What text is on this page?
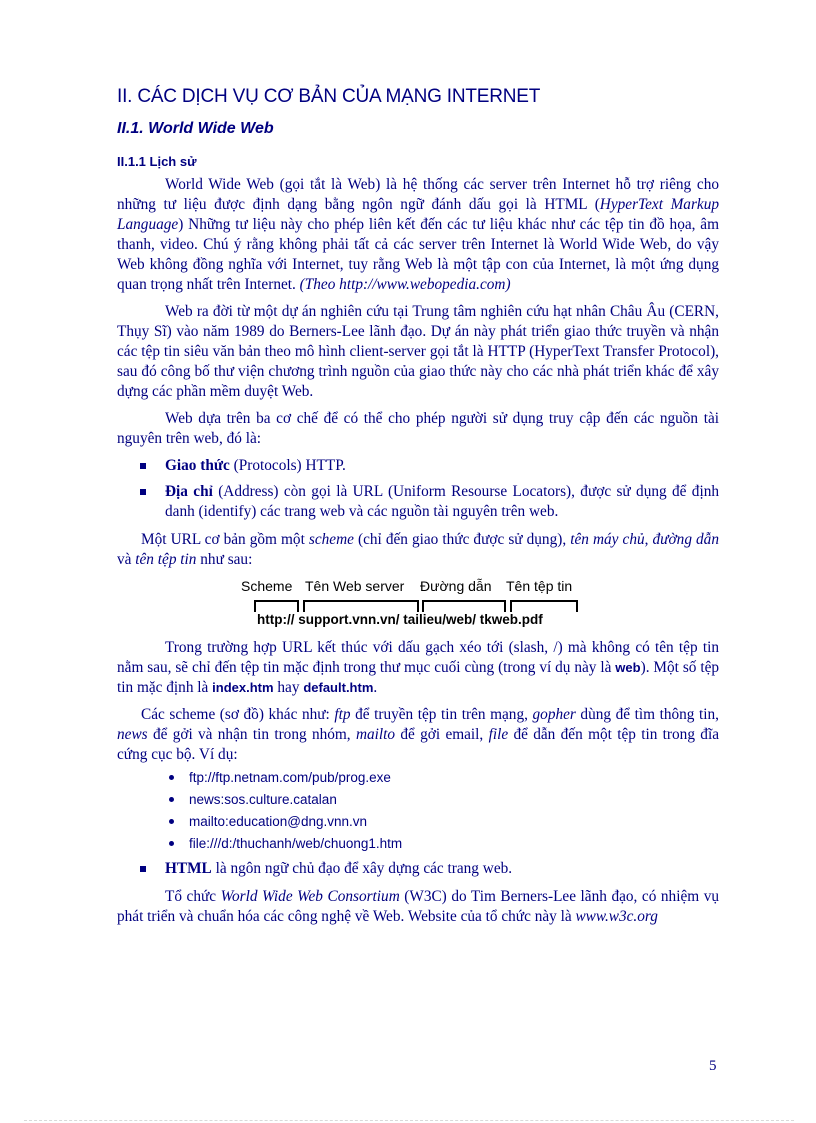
II. CÁC DỊCH VỤ CƠ BẢN CỦA MẠNG INTERNET
II.1. World Wide Web
II.1.1 Lịch sử

World Wide Web (gọi tắt là Web) là hệ thống các server trên Internet hỗ trợ riêng cho những tư liệu được định dạng bằng ngôn ngữ đánh dấu gọi là HTML (HyperText Markup Language) Những tư liệu này cho phép liên kết đến các tư liệu khác như các tệp tin đồ họa, âm thanh, video. Chú ý rằng không phải tất cả các server trên Internet là World Wide Web, do vậy Web không đồng nghĩa với Internet, tuy rằng Web là một tập con của Internet, là một ứng dụng quan trọng nhất trên Internet. (Theo http://www.webopedia.com)

Web ra đời từ một dự án nghiên cứu tại Trung tâm nghiên cứu hạt nhân Châu Âu (CERN, Thụy Sĩ) vào năm 1989 do Berners-Lee lãnh đạo. Dự án này phát triển giao thức truyền và nhận các tệp tin siêu văn bản theo mô hình client-server gọi tắt là HTTP (HyperText Transfer Protocol), sau đó công bố thư viện chương trình nguồn của giao thức này cho các nhà phát triển khác để xây dựng các phần mềm duyệt Web.

Web dựa trên ba cơ chế để có thể cho phép người sử dụng truy cập đến các nguồn tài nguyên trên web, đó là:

Giao thức (Protocols) HTTP.
Địa chỉ (Address) còn gọi là URL (Uniform Resourse Locators), được sử dụng để định danh (identify) các trang web và các nguồn tài nguyên trên web.

Một URL cơ bản gồm một scheme (chỉ đến giao thức được sử dụng), tên máy chủ, đường dẫn và tên tệp tin như sau:

Scheme Tên Web server Đường dẫn Tên tệp tin
http:// support.vnn.vn/ tailieu/web/ tkweb.pdf

Trong trường hợp URL kết thúc với dấu gạch xéo tới (slash, /) mà không có tên tệp tin nằm sau, sẽ chỉ đến tệp tin mặc định trong thư mục cuối cùng (trong ví dụ này là web). Một số tệp tin mặc định là index.htm hay default.htm.

Các scheme (sơ đồ) khác như: ftp để truyền tệp tin trên mạng, gopher dùng để tìm thông tin, news để gởi và nhận tin trong nhóm, mailto để gởi email, file để dẫn đến một tệp tin trong đĩa cứng cục bộ. Ví dụ:

ftp://ftp.netnam.com/pub/prog.exe
news:sos.culture.catalan
mailto:education@dng.vnn.vn
file:///d:/thuchanh/web/chuong1.htm
HTML là ngôn ngữ chủ đạo để xây dựng các trang web.

Tổ chức World Wide Web Consortium (W3C) do Tim Berners-Lee lãnh đạo, có nhiệm vụ phát triển và chuẩn hóa các công nghệ về Web. Website của tổ chức này là www.w3c.org

5
